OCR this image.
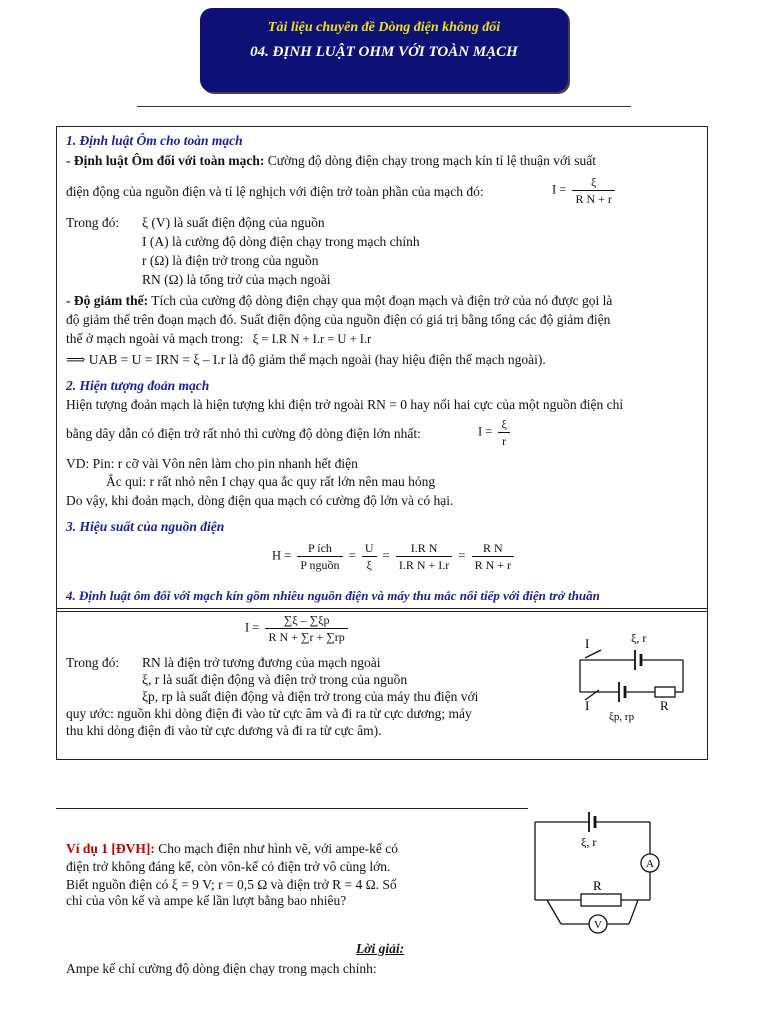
Tài liệu chuyên đề Dòng điện không đổi
04. ĐỊNH LUẬT OHM VỚI TOÀN MẠCH
1. Định luật Ôm cho toàn mạch
- Định luật Ôm đối với toàn mạch: Cường độ dòng điện chạy trong mạch kín tỉ lệ thuận với suất
điện động của nguồn điện và tỉ lệ nghịch với điện trở toàn phần của mạch đó:	$I = \frac{\xi}{\text{R N + r}}$
Trong đó: ξ (V) là suất điện động của nguồn
I (A) là cường độ dòng điện chạy trong mạch chính
r (Ω) là điện trở trong của nguồn
RN (Ω) là tổng trở của mạch ngoài
- Độ giảm thế: Tích của cường độ dòng điện chạy qua một đoạn mạch và điện trở của nó được gọi là
độ giảm thế trên đoạn mạch đó. Suất điện động của nguồn điện có giá trị bằng tổng các độ giảm điện
thế ở mạch ngoài và mạch trong: ξ = I.R N + I.r = U + I.r
⟹ UAB = U = IRN = ξ – I.r là độ giảm thế mạch ngoài (hay hiệu điện thế mạch ngoài).
2. Hiện tượng đoản mạch
Hiện tượng đoản mạch là hiện tượng khi điện trở ngoài RN = 0 hay nối hai cực của một nguồn điện chỉ
bằng dây dẫn có điện trở rất nhỏ thì cường độ dòng điện lớn nhất:	$I = \frac{\xi}{r}$
VD: Pin: r cỡ vài Vôn nên làm cho pin nhanh hết điện
Ắc qui: r rất nhỏ nên I chạy qua ắc quy rất lớn nên mau hỏng
Do vậy, khi đoản mạch, dòng điện qua mạch có cường độ lớn và có hại.
3. Hiệu suất của nguồn điện
$H = \frac{\text{P ích}}{\text{P nguồn}} = \frac{U}{\xi} = \frac{\text{I.R N}}{\text{I.R N + I.r}} = \frac{\text{R N}}{\text{R N + r}}$
4. Định luật ôm đối với mạch kín gồm nhiều nguồn điện và máy thu mắc nối tiếp với điện trở thuần
$I = \frac{\sum\xi - \sum\xi p}{\text{R N + ∑r + ∑rp}}$
Trong đó: RN là điện trở tương đương của mạch ngoài
ξ, r là suất điện động và điện trở trong của nguồn
ξp, rp là suất điện động và điện trở trong của máy thu điện với
quy ước: nguồn khi dòng điện đi vào từ cực âm và đi ra từ cực dương; máy
thu khi dòng điện đi vào từ cực dương và đi ra từ cực âm).
I	ξ, r
I	R
ξp, rp
Ví dụ 1 [ĐVH]: Cho mạch điện như hình vẽ, với ampe-kế có
điện trở không đáng kể, còn vôn-kế có điện trở vô cùng lớn.
Biết nguồn điện có ξ = 9 V; r = 0,5 Ω và điện trở R = 4 Ω. Số
chỉ của vôn kế và ampe kế lần lượt bằng bao nhiêu?
ξ, r
A
R
V
Lời giải:
Ampe kế chỉ cường độ dòng điện chạy trong mạch chính:
